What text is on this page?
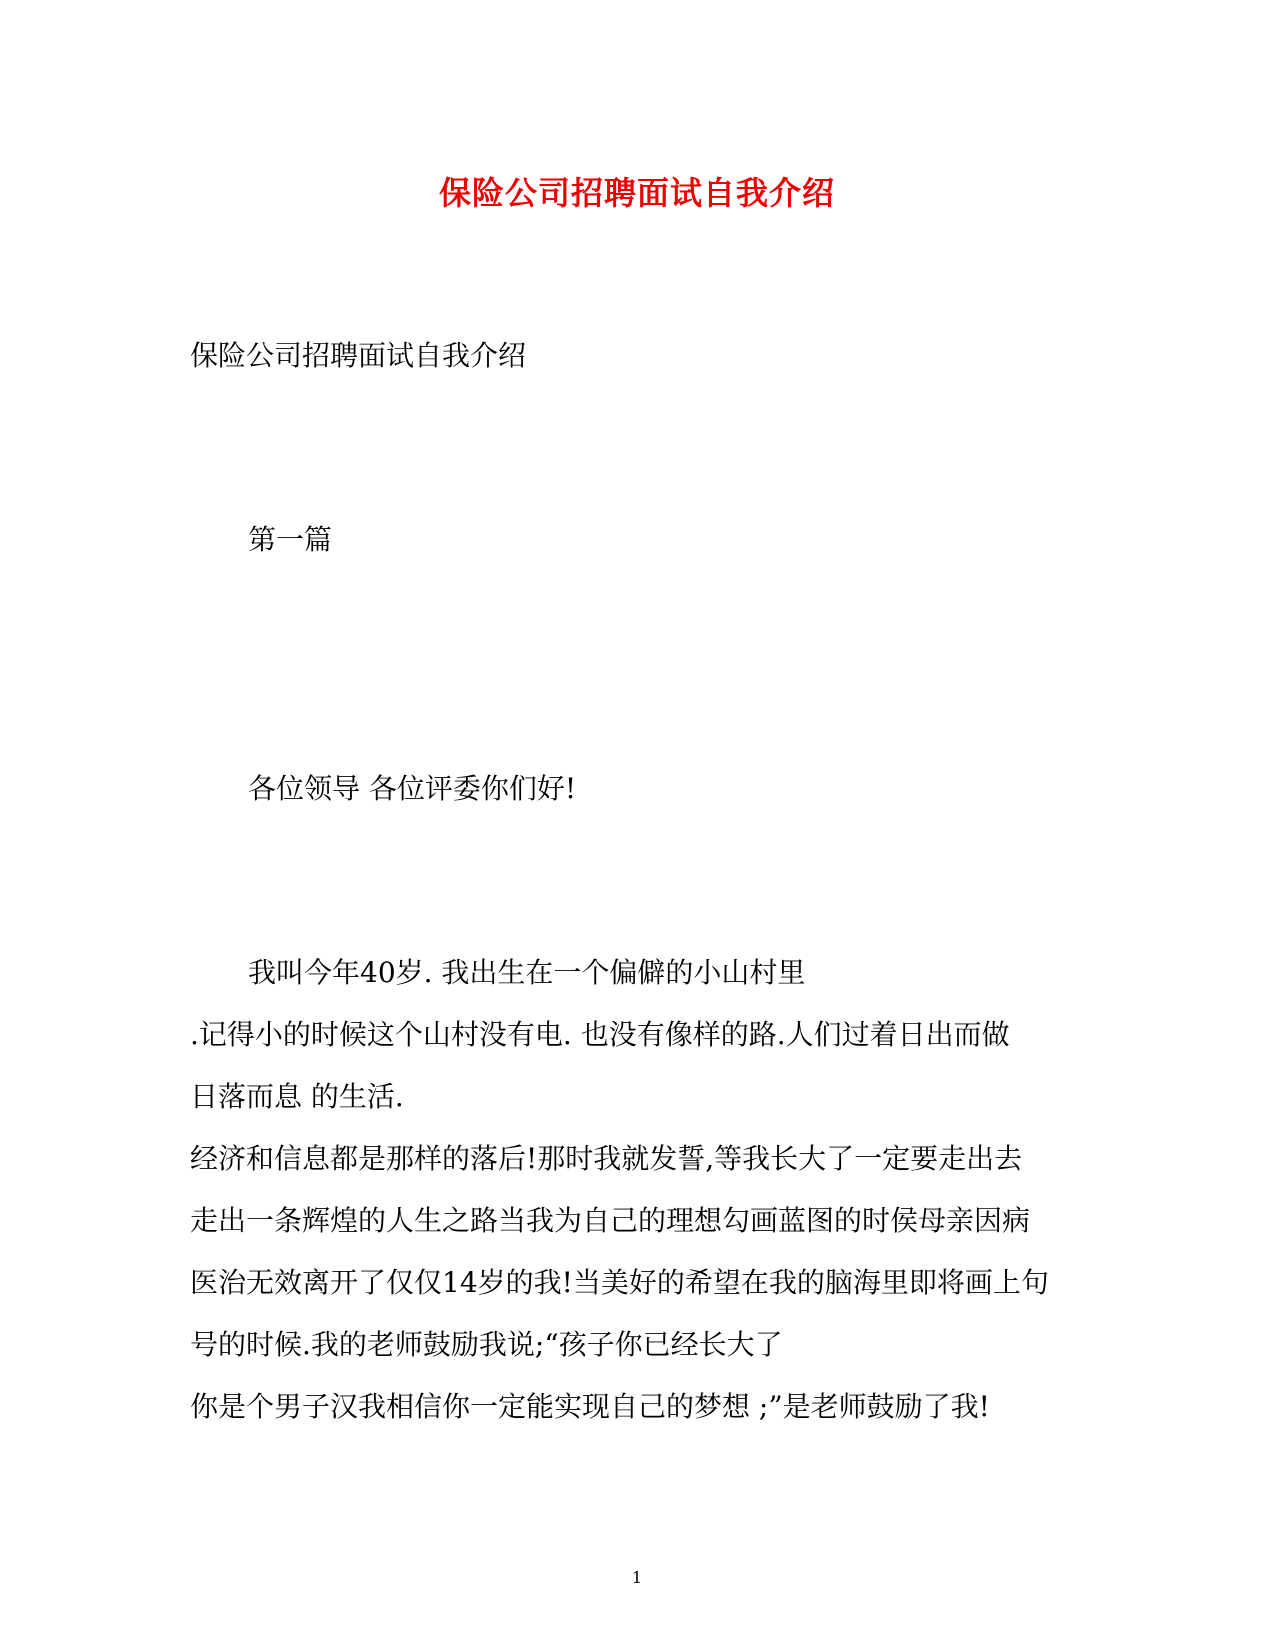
保险公司招聘面试自我介绍
保险公司招聘面试自我介绍
第一篇
各位领导 各位评委你们好!
我叫今年40岁. 我出生在一个偏僻的小山村里
.记得小的时候这个山村没有电. 也没有像样的路.人们过着日出而做
日落而息 的生活.
经济和信息都是那样的落后!那时我就发誓,等我长大了一定要走出去
走出一条辉煌的人生之路当我为自己的理想勾画蓝图的时侯母亲因病
医治无效离开了仅仅14岁的我!当美好的希望在我的脑海里即将画上句
号的时候.我的老师鼓励我说;“孩子你已经长大了
你是个男子汉我相信你一定能实现自己的梦想 ;”是老师鼓励了我!
1
